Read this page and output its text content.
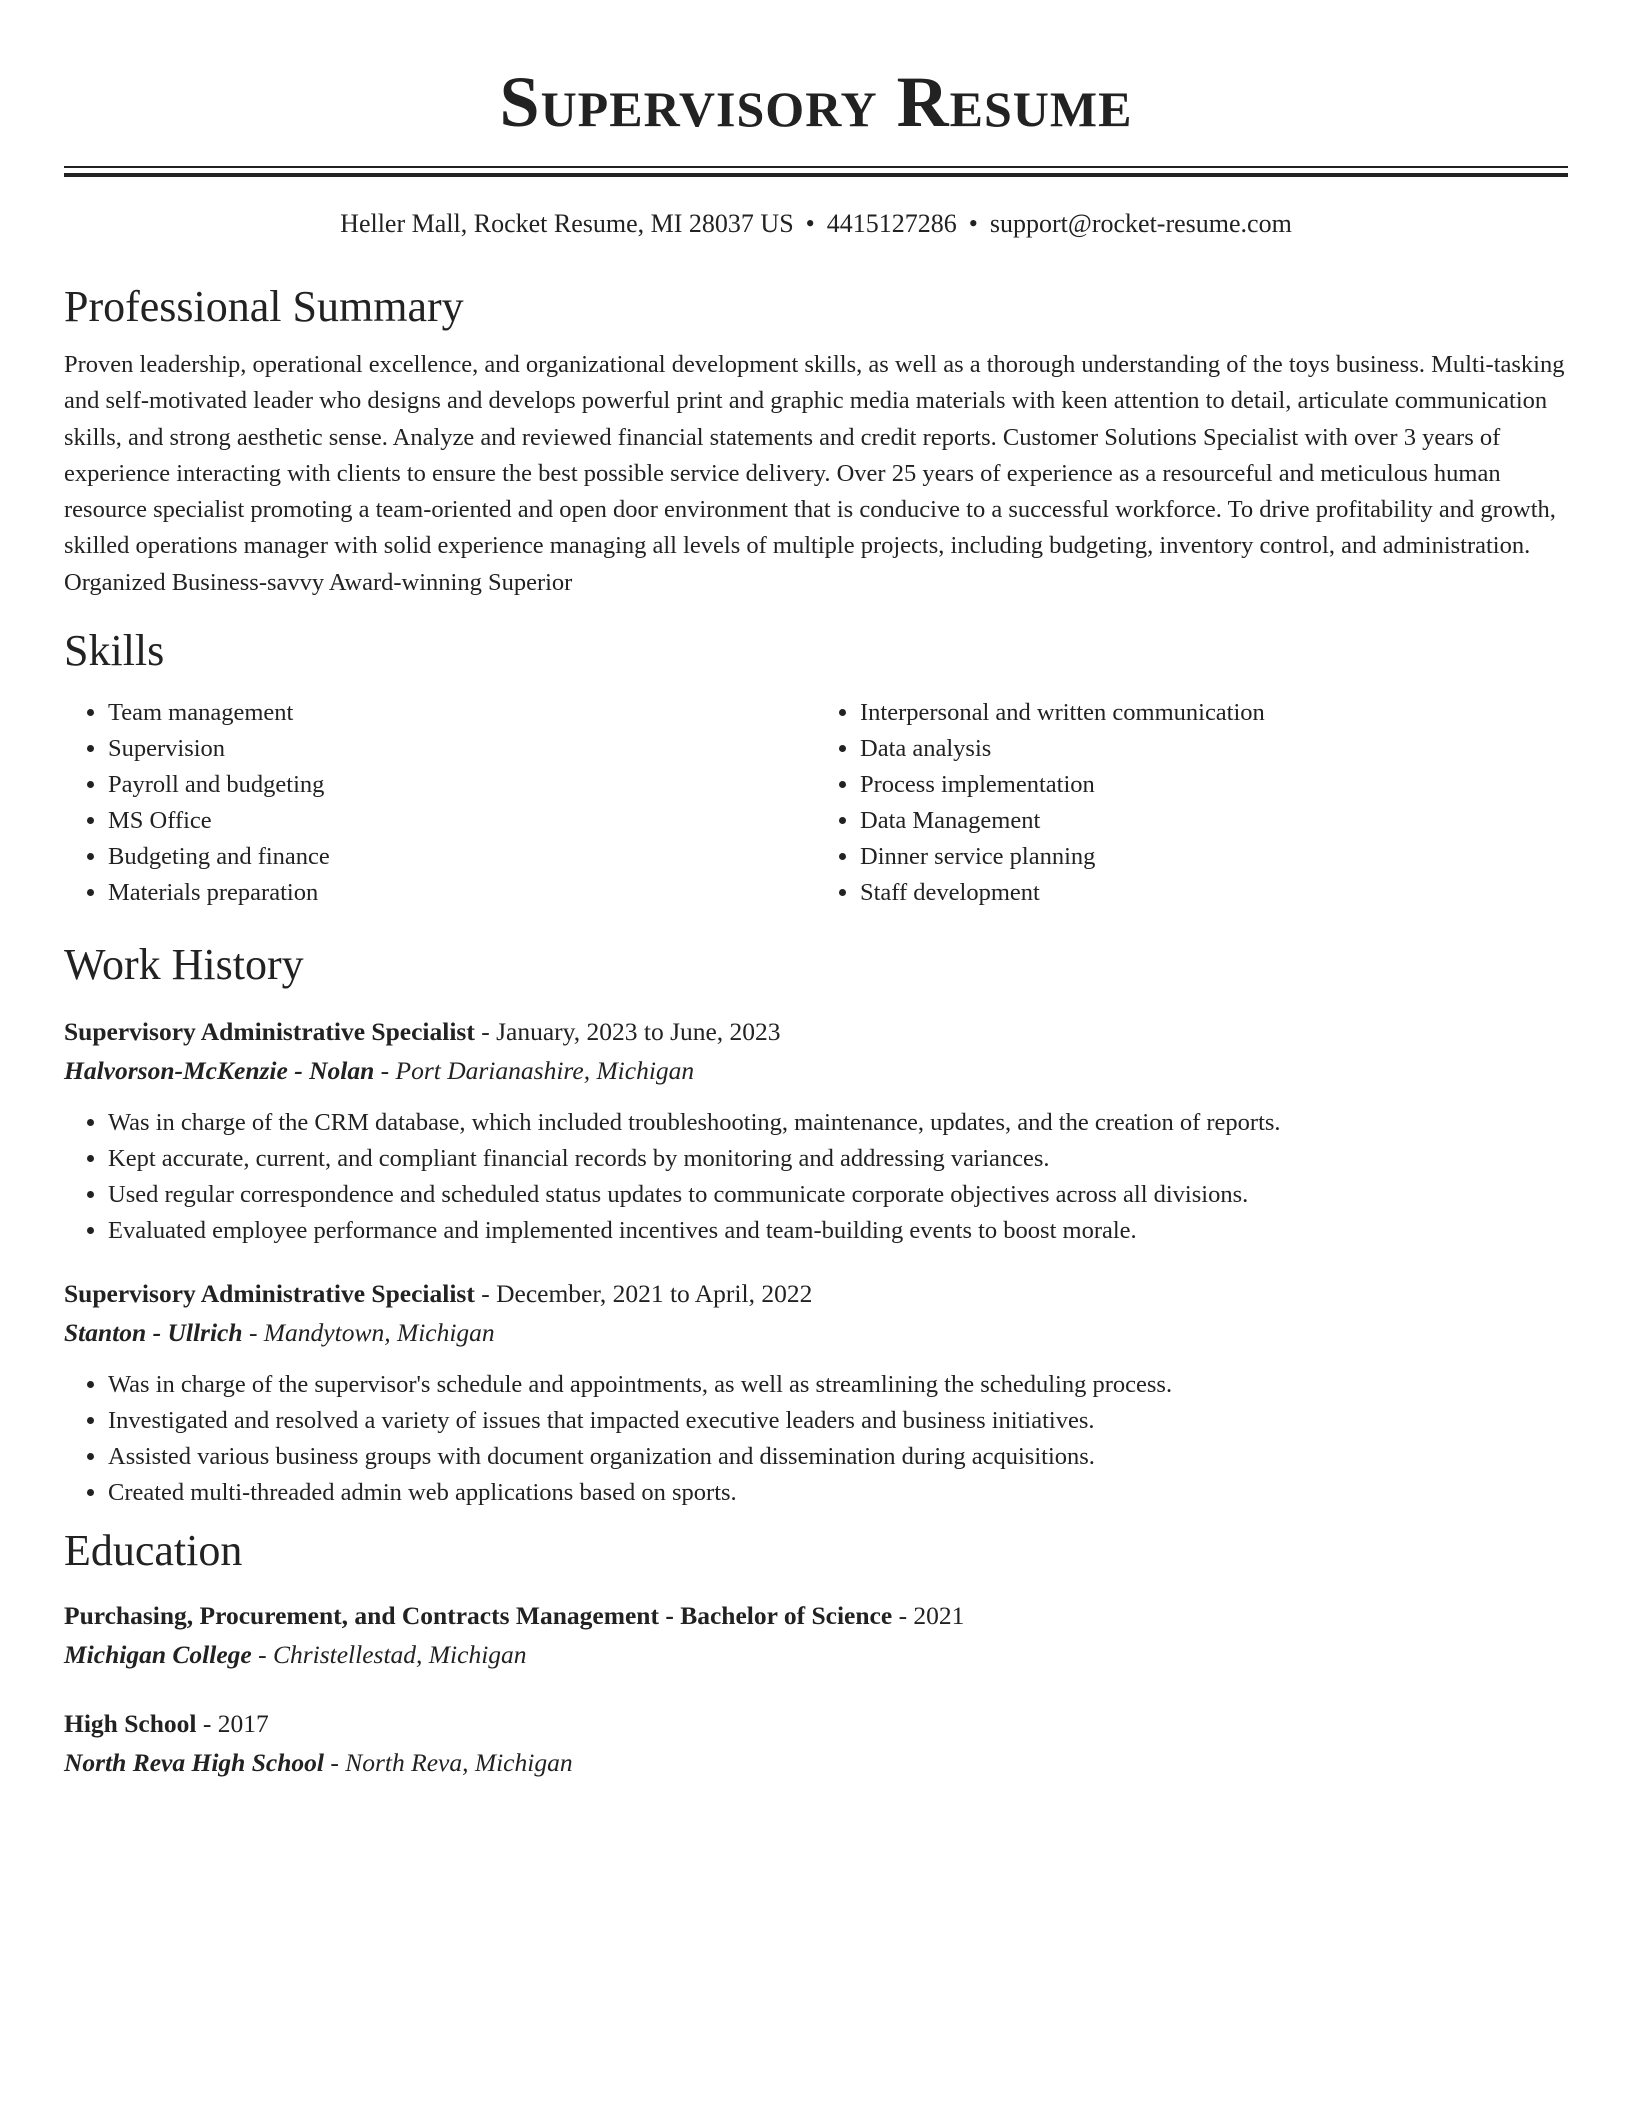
Supervisory Resume
Heller Mall, Rocket Resume, MI 28037 US • 4415127286 • support@rocket-resume.com
Professional Summary
Proven leadership, operational excellence, and organizational development skills, as well as a thorough understanding of the toys business. Multi-tasking and self-motivated leader who designs and develops powerful print and graphic media materials with keen attention to detail, articulate communication skills, and strong aesthetic sense. Analyze and reviewed financial statements and credit reports. Customer Solutions Specialist with over 3 years of experience interacting with clients to ensure the best possible service delivery. Over 25 years of experience as a resourceful and meticulous human resource specialist promoting a team-oriented and open door environment that is conducive to a successful workforce. To drive profitability and growth, skilled operations manager with solid experience managing all levels of multiple projects, including budgeting, inventory control, and administration. Organized Business-savvy Award-winning Superior
Skills
• Team management
• Supervision
• Payroll and budgeting
• MS Office
• Budgeting and finance
• Materials preparation
• Interpersonal and written communication
• Data analysis
• Process implementation
• Data Management
• Dinner service planning
• Staff development
Work History
Supervisory Administrative Specialist - January, 2023 to June, 2023
Halvorson-McKenzie - Nolan - Port Darianashire, Michigan
• Was in charge of the CRM database, which included troubleshooting, maintenance, updates, and the creation of reports.
• Kept accurate, current, and compliant financial records by monitoring and addressing variances.
• Used regular correspondence and scheduled status updates to communicate corporate objectives across all divisions.
• Evaluated employee performance and implemented incentives and team-building events to boost morale.
Supervisory Administrative Specialist - December, 2021 to April, 2022
Stanton - Ullrich - Mandytown, Michigan
• Was in charge of the supervisor's schedule and appointments, as well as streamlining the scheduling process.
• Investigated and resolved a variety of issues that impacted executive leaders and business initiatives.
• Assisted various business groups with document organization and dissemination during acquisitions.
• Created multi-threaded admin web applications based on sports.
Education
Purchasing, Procurement, and Contracts Management - Bachelor of Science - 2021
Michigan College - Christellestad, Michigan
High School - 2017
North Reva High School - North Reva, Michigan
